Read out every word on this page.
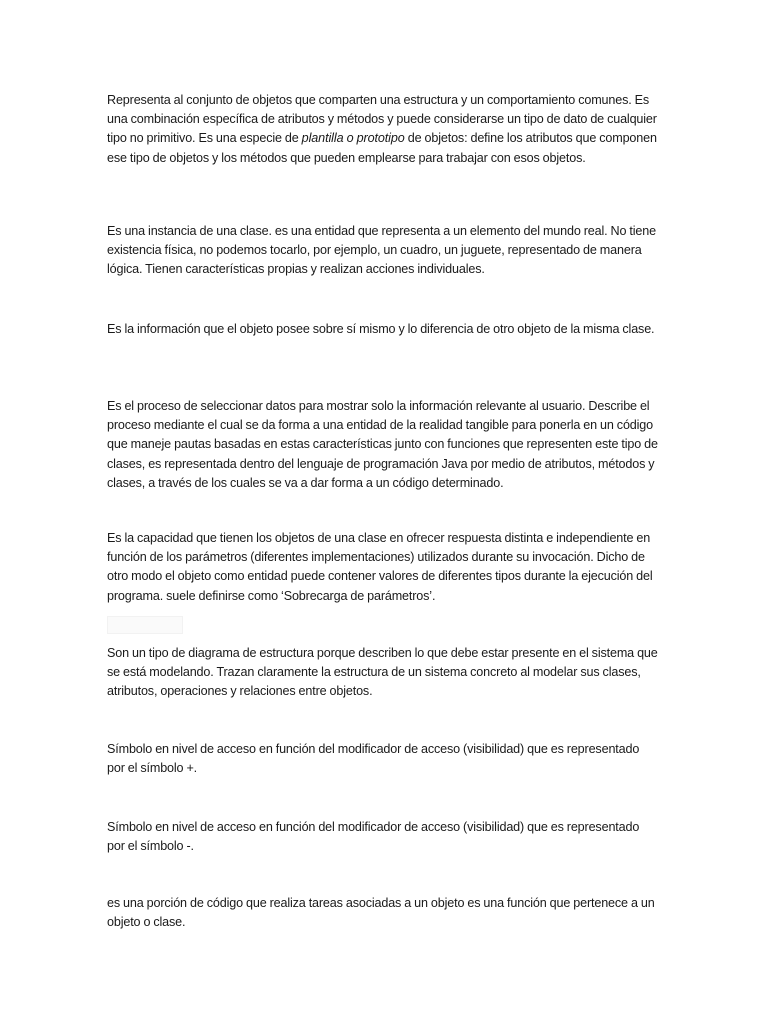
Representa al conjunto de objetos que comparten una estructura y un comportamiento comunes. Es una combinación específica de atributos y métodos y puede considerarse un tipo de dato de cualquier tipo no primitivo. Es una especie de plantilla o prototipo de objetos: define los atributos que componen ese tipo de objetos y los métodos que pueden emplearse para trabajar con esos objetos.

Es una instancia de una clase. es una entidad que representa a un elemento del mundo real. No tiene existencia física, no podemos tocarlo, por ejemplo, un cuadro, un juguete, representado de manera lógica. Tienen características propias y realizan acciones individuales.

Es la información que el objeto posee sobre sí mismo y lo diferencia de otro objeto de la misma clase.

Es el proceso de seleccionar datos para mostrar solo la información relevante al usuario. Describe el proceso mediante el cual se da forma a una entidad de la realidad tangible para ponerla en un código que maneje pautas basadas en estas características junto con funciones que representen este tipo de clases, es representada dentro del lenguaje de programación Java por medio de atributos, métodos y clases, a través de los cuales se va a dar forma a un código determinado.

Es la capacidad que tienen los objetos de una clase en ofrecer respuesta distinta e independiente en función de los parámetros (diferentes implementaciones) utilizados durante su invocación. Dicho de otro modo el objeto como entidad puede contener valores de diferentes tipos durante la ejecución del programa. suele definirse como ‘Sobrecarga de parámetros’.

Son un tipo de diagrama de estructura porque describen lo que debe estar presente en el sistema que se está modelando. Trazan claramente la estructura de un sistema concreto al modelar sus clases, atributos, operaciones y relaciones entre objetos.

Símbolo en nivel de acceso en función del modificador de acceso (visibilidad) que es representado por el símbolo +.

Símbolo en nivel de acceso en función del modificador de acceso (visibilidad) que es representado por el símbolo -.

es una porción de código que realiza tareas asociadas a un objeto es una función que pertenece a un objeto o clase.
